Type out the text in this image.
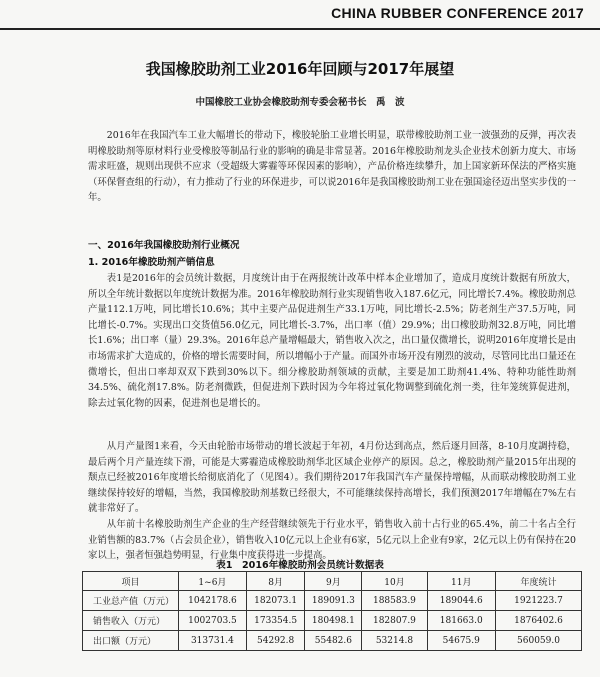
CHINA RUBBER CONFERENCE 2017
我国橡胶助剂工业2016年回顾与2017年展望
中国橡胶工业协会橡胶助剂专委会秘书长　禹　波

2016年在我国汽车工业大幅增长的带动下，橡胶轮胎工业增长明显，联带橡胶助剂工业一波强劲的反弹，再次表明橡胶助剂等原材料行业受橡胶等制品行业的影响的确是非常显著。2016年橡胶助剂龙头企业技术创新力度大、市场需求旺盛，规则出现供不应求（受超级大雾霾等环保因素的影响），产品价格连续攀升，加上国家新环保法的严格实施（环保督查组的行动），有力推动了行业的环保进步，可以说2016年是我国橡胶助剂工业在强国途径迈出坚实步伐的一年。

一、2016年我国橡胶助剂行业概况
1. 2016年橡胶助剂产销信息

表1是2016年的会员统计数据，月度统计由于在两报统计改革中样本企业增加了，造成月度统计数据有所放大，所以全年统计数据以年度统计数据为准。2016年橡胶助剂行业实现销售收入187.6亿元，同比增长7.4%。橡胶助剂总产量112.1万吨，同比增长10.6%；其中主要产品促进剂生产33.1万吨，同比增长-2.5%；防老剂生产37.5万吨，同比增长-0.7%。实现出口交货值56.0亿元，同比增长-3.7%，出口率（值）29.9%；出口橡胶助剂32.8万吨，同比增长1.6%；出口率（量）29.3%。2016年总产量增幅最大，销售收入次之，出口量仅微增长，说明2016年度增长是由市场需求扩大造成的，价格的增长需要时间，所以增幅小于产量。而国外市场开没有刚烈的波动，尽管同比出口量还在微增长，但出口率却双双下跌到30%以下。细分橡胶助剂领域的贡献，主要是加工助剂41.4%、特种功能性助剂34.5%、硫化剂17.8%。防老剂微跌，但促进剂下跌时因为今年将过氧化物调整到硫化剂一类，往年笼统算促进剂，除去过氧化物的因素，促进剂也是增长的。

从月产量图1来看，今天由轮胎市场带动的增长波起于年初，4月份达到高点，然后逐月回落，8-10月度調持稳，最后两个月产量连续下滑，可能是大雾霾造成橡胶助剂华北区域企业停产的原因。总之，橡胶助剂产量2015年出现的颓点已经被2016年度增长给彻底消化了（见图4）。我们期待2017年我国汽车产量保持增幅，从而联动橡胶助剂工业继续保持较好的增幅，当然，我国橡胶助剂基数已经很大，不可能继续保持高增长，我们预测2017年增幅在7%左右就非常好了。

从年前十名橡胶助剂生产企业的生产经营继续领先于行业水平，销售收入前十占行业的65.4%，前二十名占全行业销售额的83.7%（占会员企业），销售收入10亿元以上企业有6家，5亿元以上企业有9家，2亿元以上仍有保持在20家以上，强者恒强趋势明显，行业集中度获得进一步提高。

表1　2016年橡胶助剂会员统计数据表
项目	1~6月	8月	9月	10月	11月	年度统计
工业总产值（万元）	1042178.6	182073.1	189091.3	188583.9	189044.6	1921223.7
销售收入（万元）	1002703.5	173354.5	180498.1	182807.9	181663.0	1876402.6
出口额（万元）	313731.4	54292.8	55482.6	53214.8	54675.9	560059.0
